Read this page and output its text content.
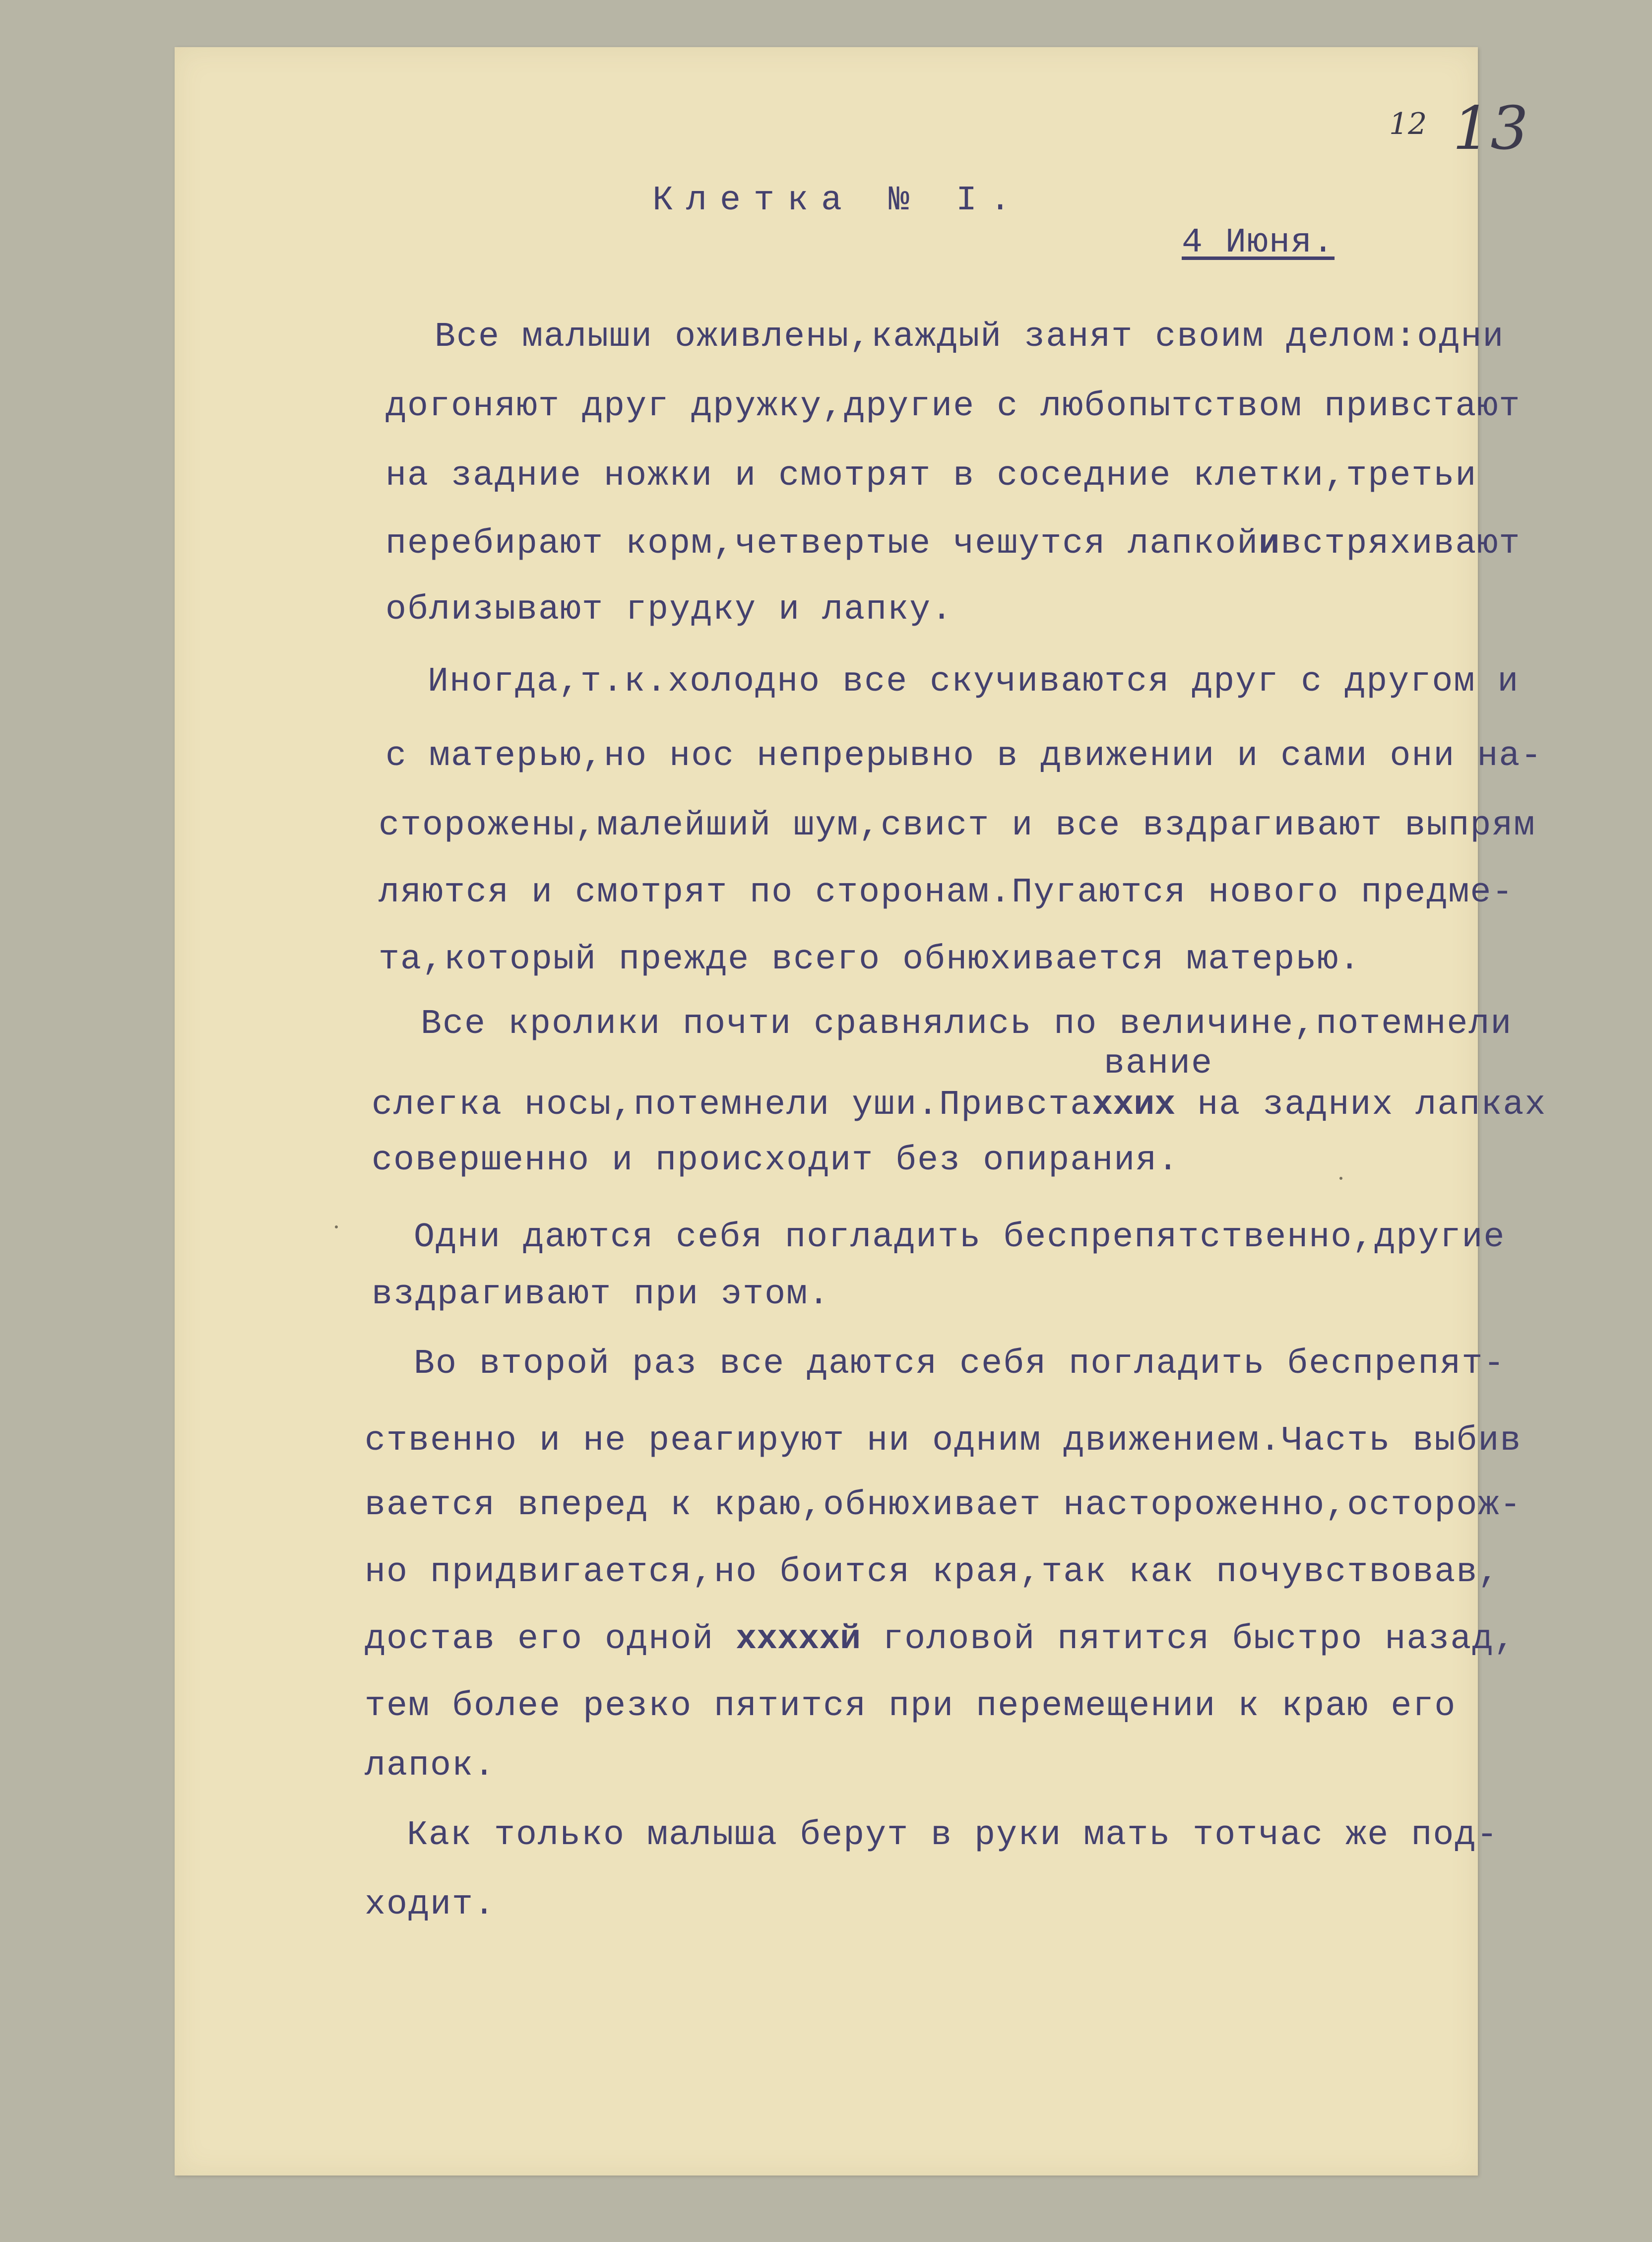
12 13

Клетка № I.

4 Июня.

Все малыши оживлены,каждый занят своим делом:одни

догоняют друг дружку,другие с любопытством привстают

на задние ножки и смотрят в соседние клетки,третьи

перебирают корм,четвертые чешутся лапкойивстряхивают

облизывают грудку и лапку.

Иногда,т.к.холодно все скучиваются друг с другом и

с матерью,но нос непрерывно в движении и сами они на-

сторожены,малейший шум,свист и все вздрагивают выпрям

ляются и смотрят по сторонам.Пугаются нового предме-

та,который прежде всего обнюхивается матерью.

Все кролики почти сравнялись по величине,потемнели

вание

слегка носы,потемнели уши.Привстаххих на задних лапках

совершенно и происходит без опирания.

Одни даются себя погладить беспрепятственно,другие

вздрагивают при этом.

Во второй раз все даются себя погладить беспрепят-

ственно и не реагируют ни одним движением.Часть выбив

вается вперед к краю,обнюхивает настороженно,осторож-

но придвигается,но боится края,так как почувствовав,

достав его одной хххххй головой пятится быстро назад,

тем более резко пятится при перемещении к краю его

лапок.

Как только малыша берут в руки мать тотчас же под-

ходит.
